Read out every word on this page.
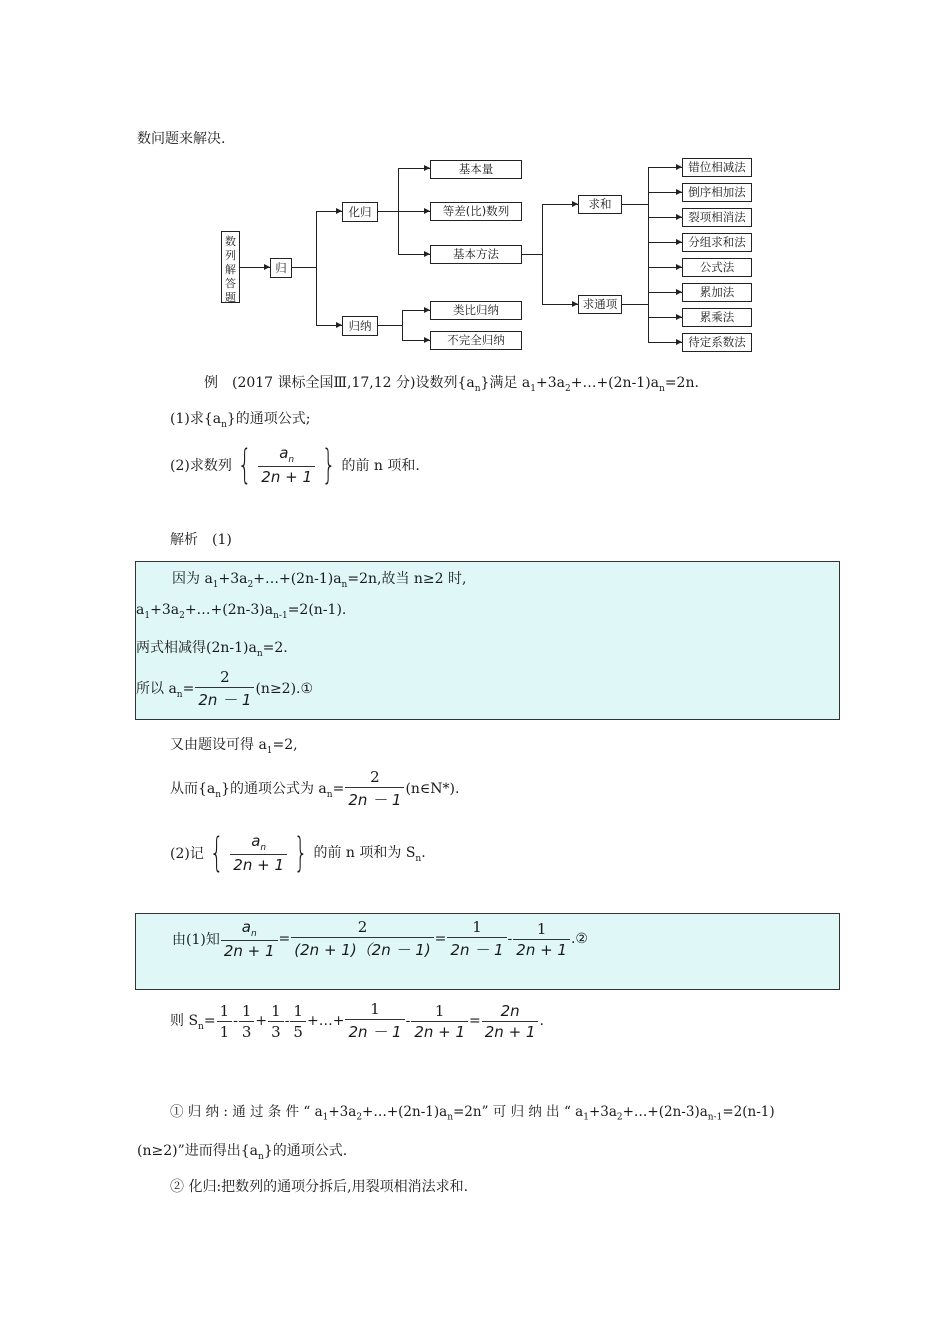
数问题来解决.
数列解答题
归
化归
归纳
基本量
等差(比)数列
基本方法
类比归纳
不完全归纳
求和
求通项
错位相减法
倒序相加法
裂项相消法
分组求和法
公式法
累加法
累乘法
待定系数法
例　 (2017 课标全国Ⅲ,17,12 分)设数列$\{a_n\}$满足 $a_1+3a_2+\dots+(2n-1)a_n=2n$.
(1)求$\{a_n\}$的通项公式;
(2)求数列 { $\frac{a_n}{2n + 1}$ } 的前 n 项和.
解析　(1)
因为 $a_1+3a_2+\dots+(2n-1)a_n=2n$,故当 n≥2 时,
$a_1+3a_2+\dots+(2n-3)a_{n-1}=2(n-1)$.
两式相减得$(2n-1)a_n=2$.
所以 $a_n= \frac{2}{2n - 1}$ (n≥2).①
又由题设可得 $a_1=2$,
从而$\{a_n\}$的通项公式为 $a_n= \frac{2}{2n - 1}$ (n∈N*).
(2)记 { $\frac{a_n}{2n + 1}$ } 的前 n 项和为 $S_n$.
由(1)知 $\frac{a_n}{2n + 1} = \frac{2}{(2n + 1)(2n - 1)} = \frac{1}{2n - 1} - \frac{1}{2n + 1}$ .②
则 $S_n= \frac{1}{1} - \frac{1}{3} + \frac{1}{3} - \frac{1}{5}$ +…+ $\frac{1}{2n - 1} - \frac{1}{2n + 1} = \frac{2n}{2n + 1}$ .
① 归 纳 : 通 过 条 件 “ $a_1+3a_2+\dots+(2n-1)a_n=2n$” 可 归 纳 出 “ $a_1+3a_2+\dots+(2n-3)a_{n-1}=2(n-1)$
(n≥2)”进而得出$\{a_n\}$的通项公式.
② 化归:把数列的通项分拆后,用裂项相消法求和.
